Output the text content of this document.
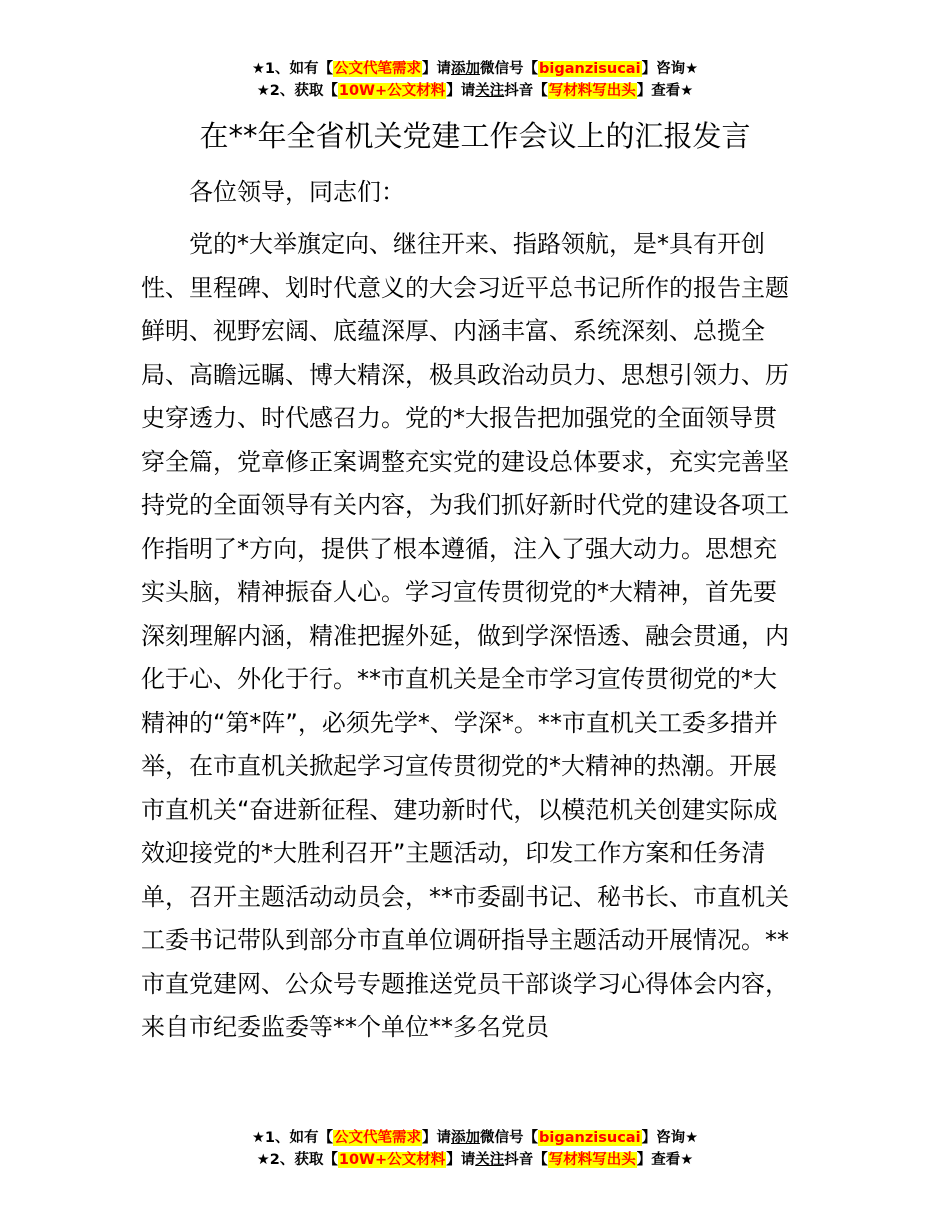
★1、如有【公文代笔需求】请添加微信号【biganzisucai】咨询★
★2、获取【10W+公文材料】请关注抖音【写材料写出头】查看★
在**年全省机关党建工作会议上的汇报发言
各位领导，同志们：
党的*大举旗定向、继往开来、指路领航，是*具有开创
性、里程碑、划时代意义的大会习近平总书记所作的报告主题
鲜明、视野宏阔、底蕴深厚、内涵丰富、系统深刻、总揽全
局、高瞻远瞩、博大精深，极具政治动员力、思想引领力、历
史穿透力、时代感召力。党的*大报告把加强党的全面领导贯
穿全篇，党章修正案调整充实党的建设总体要求，充实完善坚
持党的全面领导有关内容，为我们抓好新时代党的建设各项工
作指明了*方向，提供了根本遵循，注入了强大动力。思想充
实头脑，精神振奋人心。学习宣传贯彻党的*大精神，首先要
深刻理解内涵，精准把握外延，做到学深悟透、融会贯通，内
化于心、外化于行。**市直机关是全市学习宣传贯彻党的*大
精神的“第*阵”，必须先学*、学深*。**市直机关工委多措并
举，在市直机关掀起学习宣传贯彻党的*大精神的热潮。开展
市直机关“奋进新征程、建功新时代，以模范机关创建实际成
效迎接党的*大胜利召开”主题活动，印发工作方案和任务清
单，召开主题活动动员会，**市委副书记、秘书长、市直机关
工委书记带队到部分市直单位调研指导主题活动开展情况。**
市直党建网、公众号专题推送党员干部谈学习心得体会内容，
来自市纪委监委等**个单位**多名党员
★1、如有【公文代笔需求】请添加微信号【biganzisucai】咨询★
★2、获取【10W+公文材料】请关注抖音【写材料写出头】查看★
